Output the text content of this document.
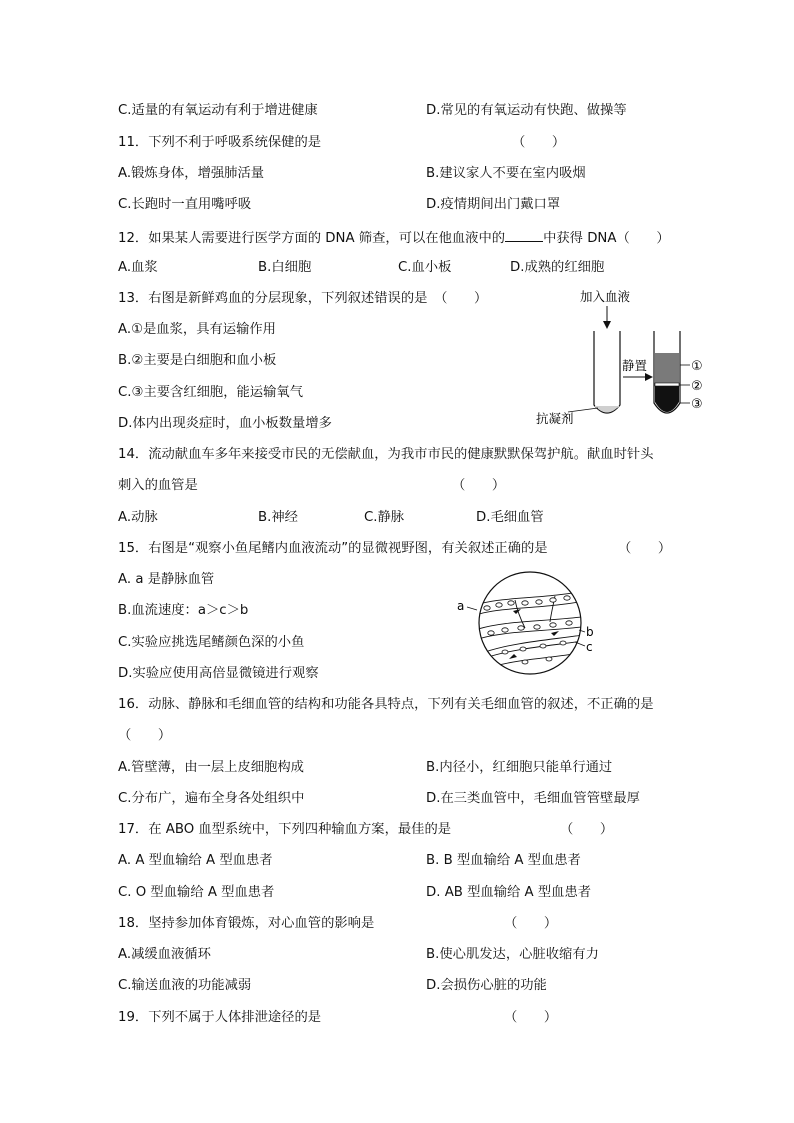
C.适量的有氧运动有利于增进健康	D.常见的有氧运动有快跑、做操等
11．下列不利于呼吸系统保健的是	（　　）
A.锻炼身体，增强肺活量	B.建议家人不要在室内吸烟
C.长跑时一直用嘴呼吸	D.疫情期间出门戴口罩
12．如果某人需要进行医学方面的 DNA 筛查，可以在他血液中的	中获得 DNA（　　）
A.血浆	B.白细胞	C.血小板	D.成熟的红细胞
13．右图是新鲜鸡血的分层现象，下列叙述错误的是　（　　）
A.①是血浆，具有运输作用
B.②主要是白细胞和血小板
C.③主要含红细胞，能运输氧气
D.体内出现炎症时，血小板数量增多
加入血液
抗凝剂
静置	①
②
③
14．流动献血车多年来接受市民的无偿献血，为我市市民的健康默默保驾护航。献血时针头
刺入的血管是	（　　）
A.动脉	B.神经	C.静脉	D.毛细血管
15．右图是“观察小鱼尾鳍内血液流动”的显微视野图，有关叙述正确的是	（　　）
A. a 是静脉血管
B.血流速度：a＞c＞b
C.实验应挑选尾鳍颜色深的小鱼
D.实验应使用高倍显微镜进行观察
a
b
c
16．动脉、静脉和毛细血管的结构和功能各具特点，下列有关毛细血管的叙述，不正确的是
（　　）
A.管壁薄，由一层上皮细胞构成	B.内径小，红细胞只能单行通过
C.分布广，遍布全身各处组织中	D.在三类血管中，毛细血管管壁最厚
17．在 ABO 血型系统中，下列四种输血方案，最佳的是	（　　）
A. A 型血输给 A 型血患者	B. B 型血输给 A 型血患者
C. O 型血输给 A 型血患者	D. AB 型血输给 A 型血患者
18．坚持参加体育锻炼，对心血管的影响是	（　　）
A.减缓血液循环	B.使心肌发达，心脏收缩有力
C.输送血液的功能减弱	D.会损伤心脏的功能
19．下列不属于人体排泄途径的是	（　　）
